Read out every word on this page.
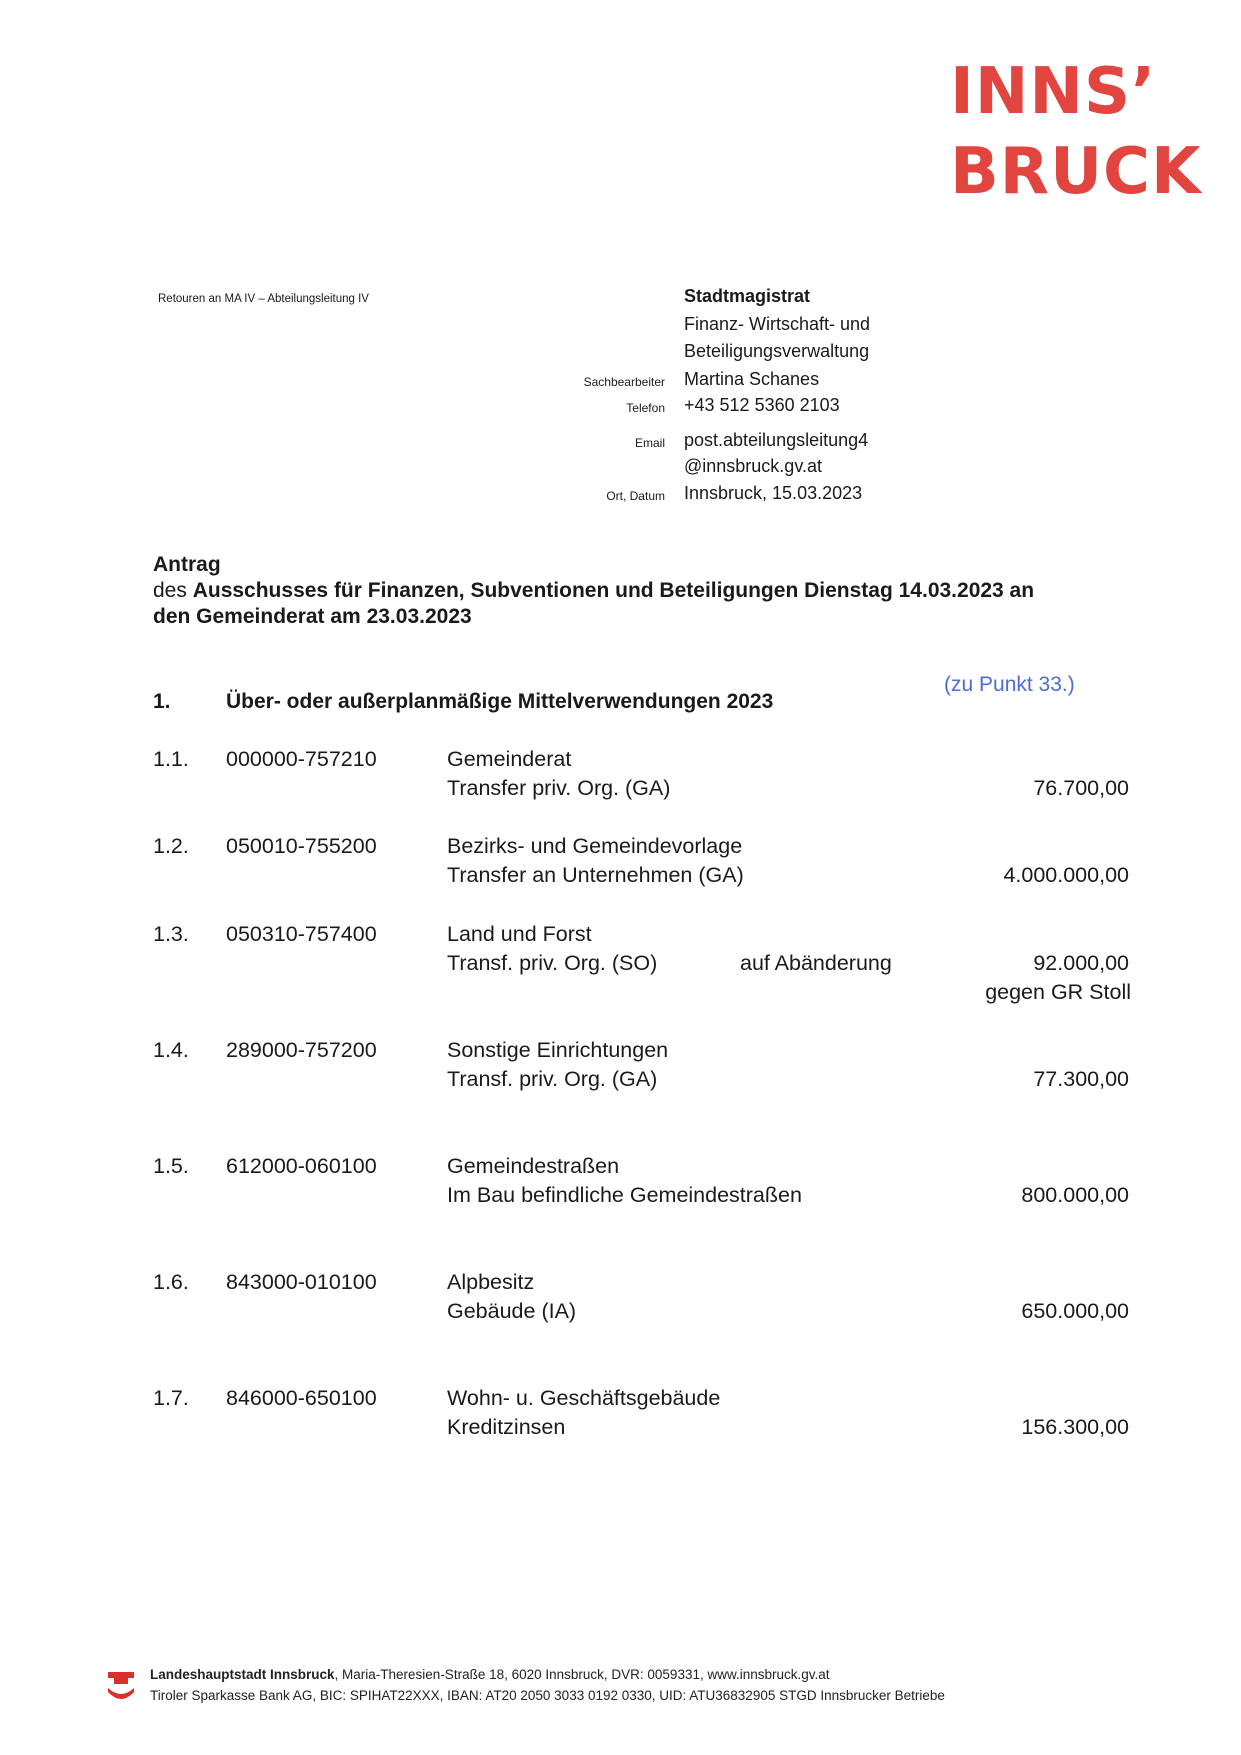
INNS’
BRUCK
Retouren an MA IV – Abteilungsleitung IV	Stadtmagistrat
Finanz- Wirtschaft- und
Beteiligungsverwaltung
Sachbearbeiter Martina Schanes
Telefon +43 512 5360 2103
Email post.abteilungsleitung4
@innsbruck.gv.at
Ort, Datum Innsbruck, 15.03.2023
Antrag
des Ausschusses für Finanzen, Subventionen und Beteiligungen Dienstag 14.03.2023 an
den Gemeinderat am 23.03.2023
(zu Punkt 33.)
1.	Über- oder außerplanmäßige Mittelverwendungen 2023
1.1. 000000-757210	Gemeinderat
Transfer priv. Org. (GA)	76.700,00
1.2. 050010-755200	Bezirks- und Gemeindevorlage
Transfer an Unternehmen (GA)	4.000.000,00
1.3. 050310-757400	Land und Forst
Transf. priv. Org. (SO)	auf Abänderung	92.000,00
gegen GR Stoll
1.4. 289000-757200	Sonstige Einrichtungen
Transf. priv. Org. (GA)	77.300,00
1.5. 612000-060100	Gemeindestraßen
Im Bau befindliche Gemeindestraßen	800.000,00
1.6. 843000-010100	Alpbesitz
Gebäude (IA)	650.000,00
1.7. 846000-650100	Wohn- u. Geschäftsgebäude
Kreditzinsen	156.300,00
Landeshauptstadt Innsbruck, Maria-Theresien-Straße 18, 6020 Innsbruck, DVR: 0059331, www.innsbruck.gv.at
Tiroler Sparkasse Bank AG, BIC: SPIHAT22XXX, IBAN: AT20 2050 3033 0192 0330, UID: ATU36832905 STGD Innsbrucker Betriebe
